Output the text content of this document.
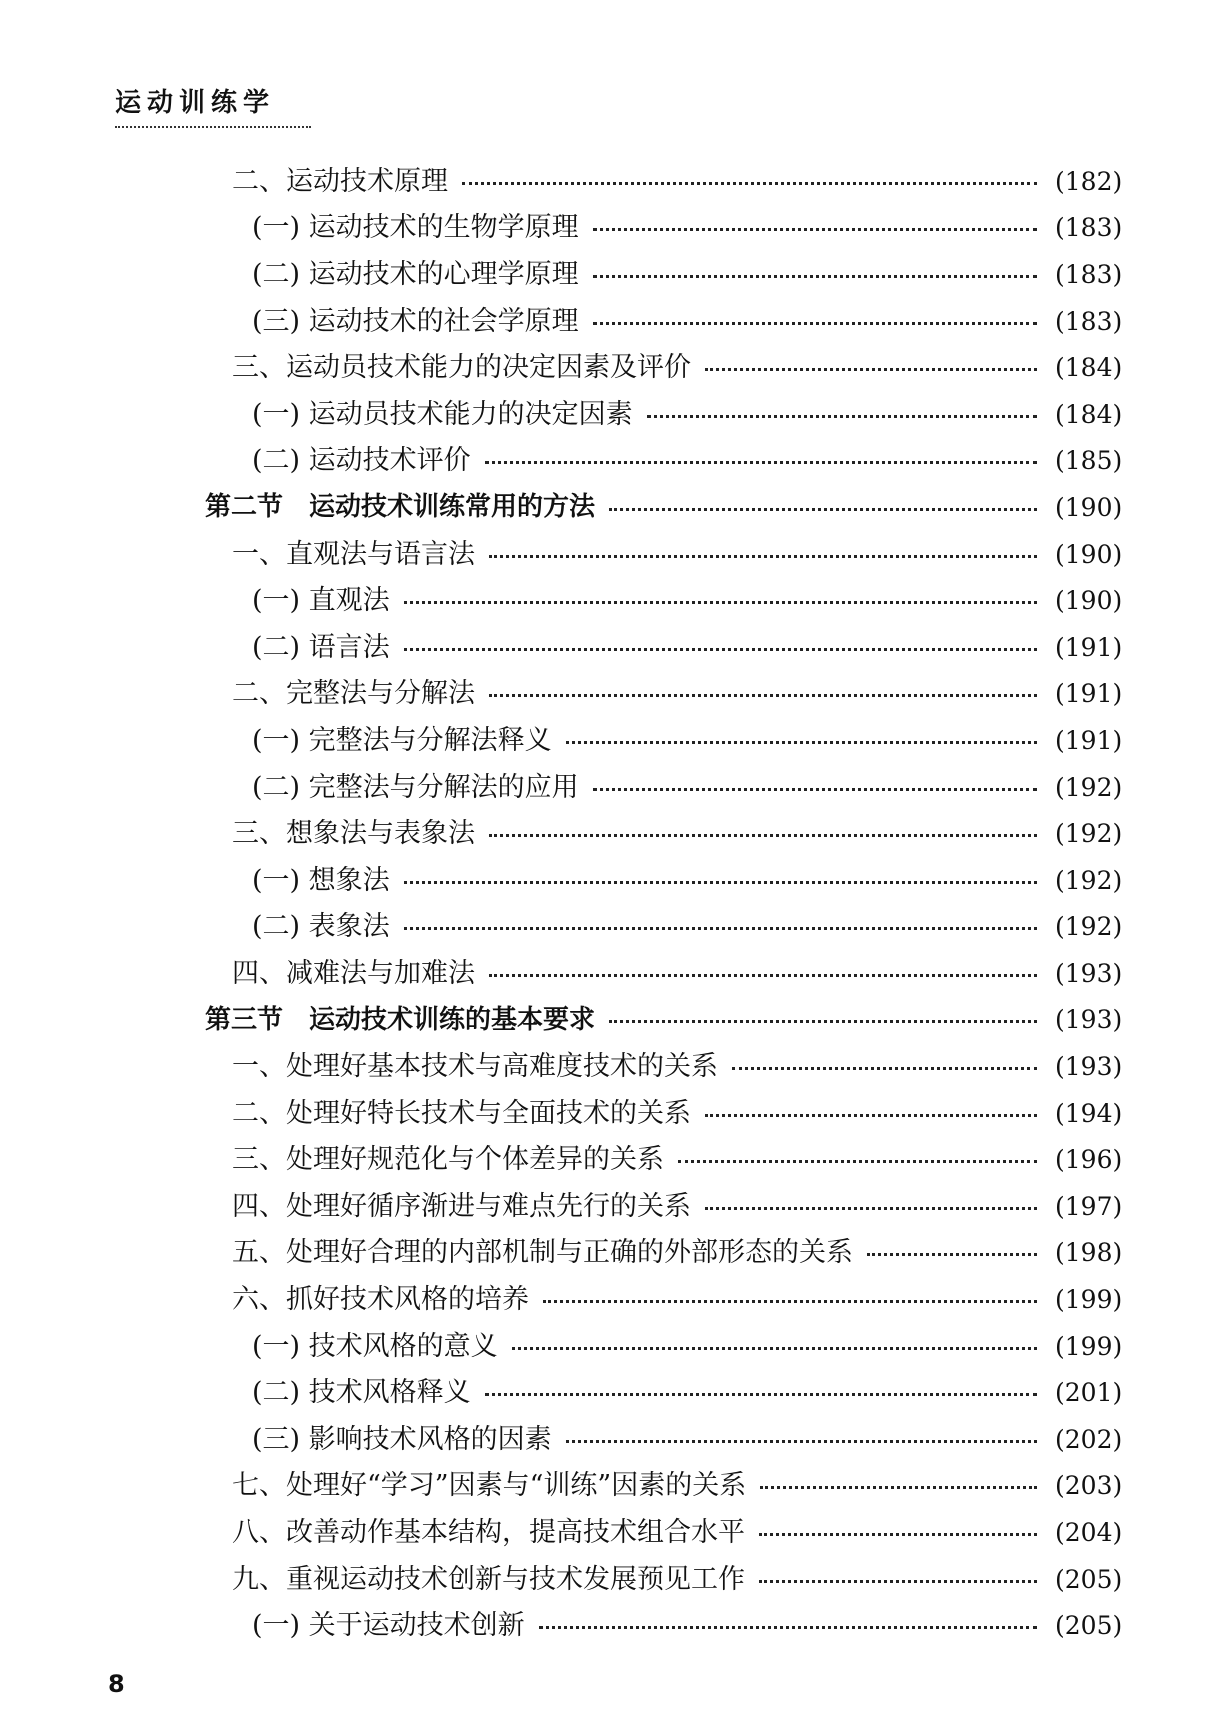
运动训练学
二、运动技术原理	(182)
(一) 运动技术的生物学原理	(183)
(二) 运动技术的心理学原理	(183)
(三) 运动技术的社会学原理	(183)
三、运动员技术能力的决定因素及评价	(184)
(一) 运动员技术能力的决定因素	(184)
(二) 运动技术评价	(185)
第二节　运动技术训练常用的方法	(190)
一、直观法与语言法	(190)
(一) 直观法	(190)
(二) 语言法	(191)
二、完整法与分解法	(191)
(一) 完整法与分解法释义	(191)
(二) 完整法与分解法的应用	(192)
三、想象法与表象法	(192)
(一) 想象法	(192)
(二) 表象法	(192)
四、减难法与加难法	(193)
第三节　运动技术训练的基本要求	(193)
一、处理好基本技术与高难度技术的关系	(193)
二、处理好特长技术与全面技术的关系	(194)
三、处理好规范化与个体差异的关系	(196)
四、处理好循序渐进与难点先行的关系	(197)
五、处理好合理的内部机制与正确的外部形态的关系	(198)
六、抓好技术风格的培养	(199)
(一) 技术风格的意义	(199)
(二) 技术风格释义	(201)
(三) 影响技术风格的因素	(202)
七、处理好“学习”因素与“训练”因素的关系	(203)
八、改善动作基本结构，提高技术组合水平	(204)
九、重视运动技术创新与技术发展预见工作	(205)
(一) 关于运动技术创新	(205)
8
